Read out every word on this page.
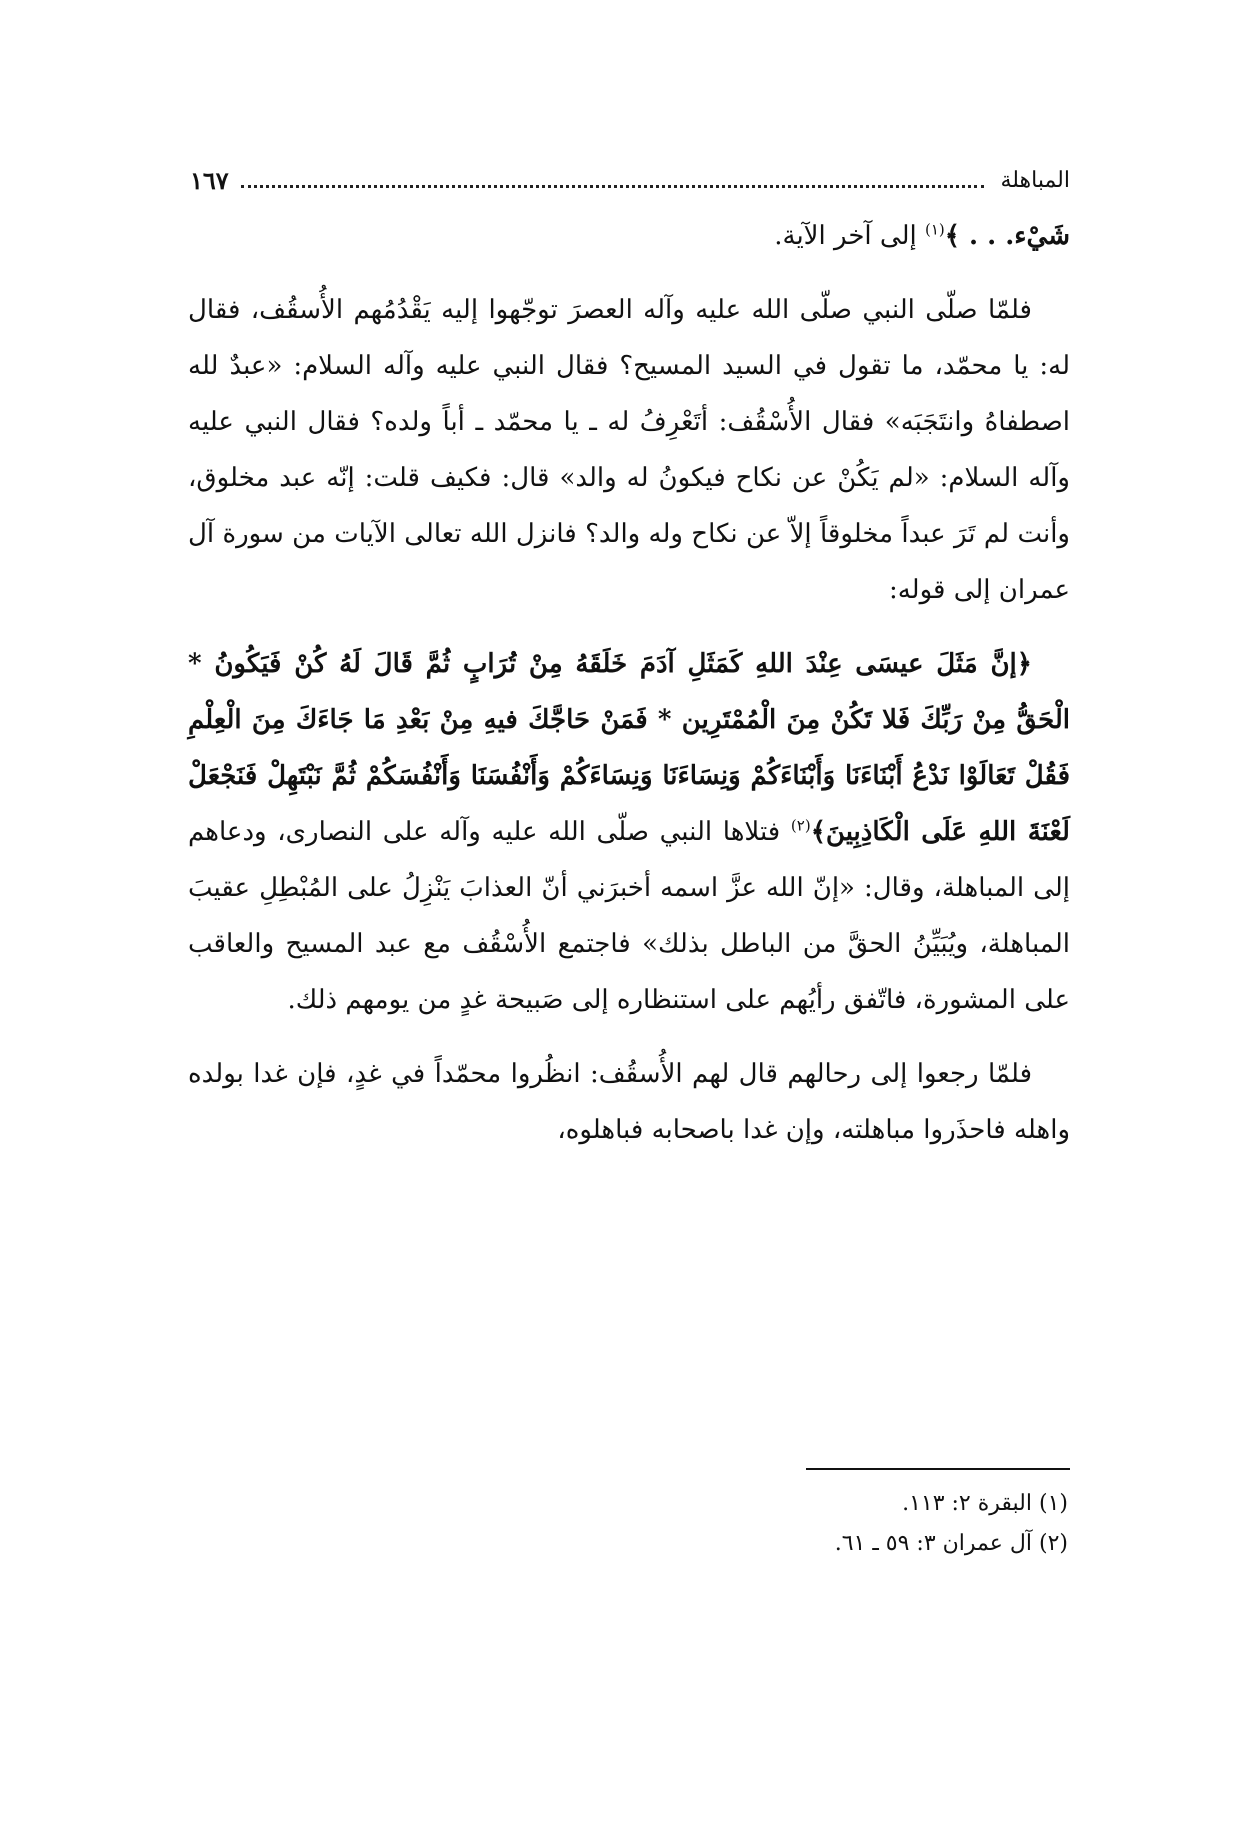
المباهلة
١٦٧

شَيْء. . . ﴾$^{(١)}$ إلى آخر الآية.

فلمّا صلّى النبي صلّى الله عليه وآله العصرَ توجّهوا إليه يَقْدُمُهم الأُسقُف، فقال له: يا محمّد، ما تقول في السيد المسيح؟ فقال النبي عليه وآله السلام: «عبدٌ لله اصطفاهُ وانتَجَبَه» فقال الأُسْقُف: أتَعْرِفُ له ـ يا محمّد ـ أباً ولده؟ فقال النبي عليه وآله السلام: «لم يَكُنْ عن نكاح فيكونُ له والد» قال: فكيف قلت: إنّه عبد مخلوق، وأنت لم تَرَ عبداً مخلوقاً إلاّ عن نكاح وله والد؟ فانزل الله تعالى الآيات من سورة آل عمران إلى قوله:

﴿إنَّ مَثَلَ عيسَى عِنْدَ اللهِ كَمَثَلِ آدَمَ خَلَقَهُ مِنْ تُرَابٍ ثُمَّ قَالَ لَهُ كُنْ فَيَكُونُ * الْحَقُّ مِنْ رَبِّكَ فَلا تَكُنْ مِنَ الْمُمْتَرِين * فَمَنْ حَاجَّكَ فيهِ مِنْ بَعْدِ مَا جَاءَكَ مِنَ الْعِلْمِ فَقُلْ تَعَالَوْا نَدْعُ أَبْنَاءَنَا وَأَبْنَاءَكُمْ وَنِسَاءَنَا وَنِسَاءَكُمْ وَأَنْفُسَنَا وَأَنْفُسَكُمْ ثُمَّ نَبْتَهِلْ فَنَجْعَلْ لَعْنَةَ اللهِ عَلَى الْكَاذِبِينَ﴾$^{(٢)}$ فتلاها النبي صلّى الله عليه وآله على النصارى، ودعاهم إلى المباهلة، وقال: «إنّ الله عزَّ اسمه أخبرَني أنّ العذابَ يَنْزِلُ على المُبْطِلِ عقيبَ المباهلة، ويُبَيِّنُ الحقَّ من الباطل بذلك» فاجتمع الأُسْقُف مع عبد المسيح والعاقب على المشورة، فاتّفق رأيُهم على استنظاره إلى صَبيحة غدٍ من يومهم ذلك.

فلمّا رجعوا إلى رحالهم قال لهم الأُسقُف: انظُروا محمّداً في غدٍ، فإن غدا بولده واهله فاحذَروا مباهلته، وإن غدا باصحابه فباهلوه،

(١) البقرة ٢: ١١٣.
(٢) آل عمران ٣: ٥٩ ـ ٦١.
